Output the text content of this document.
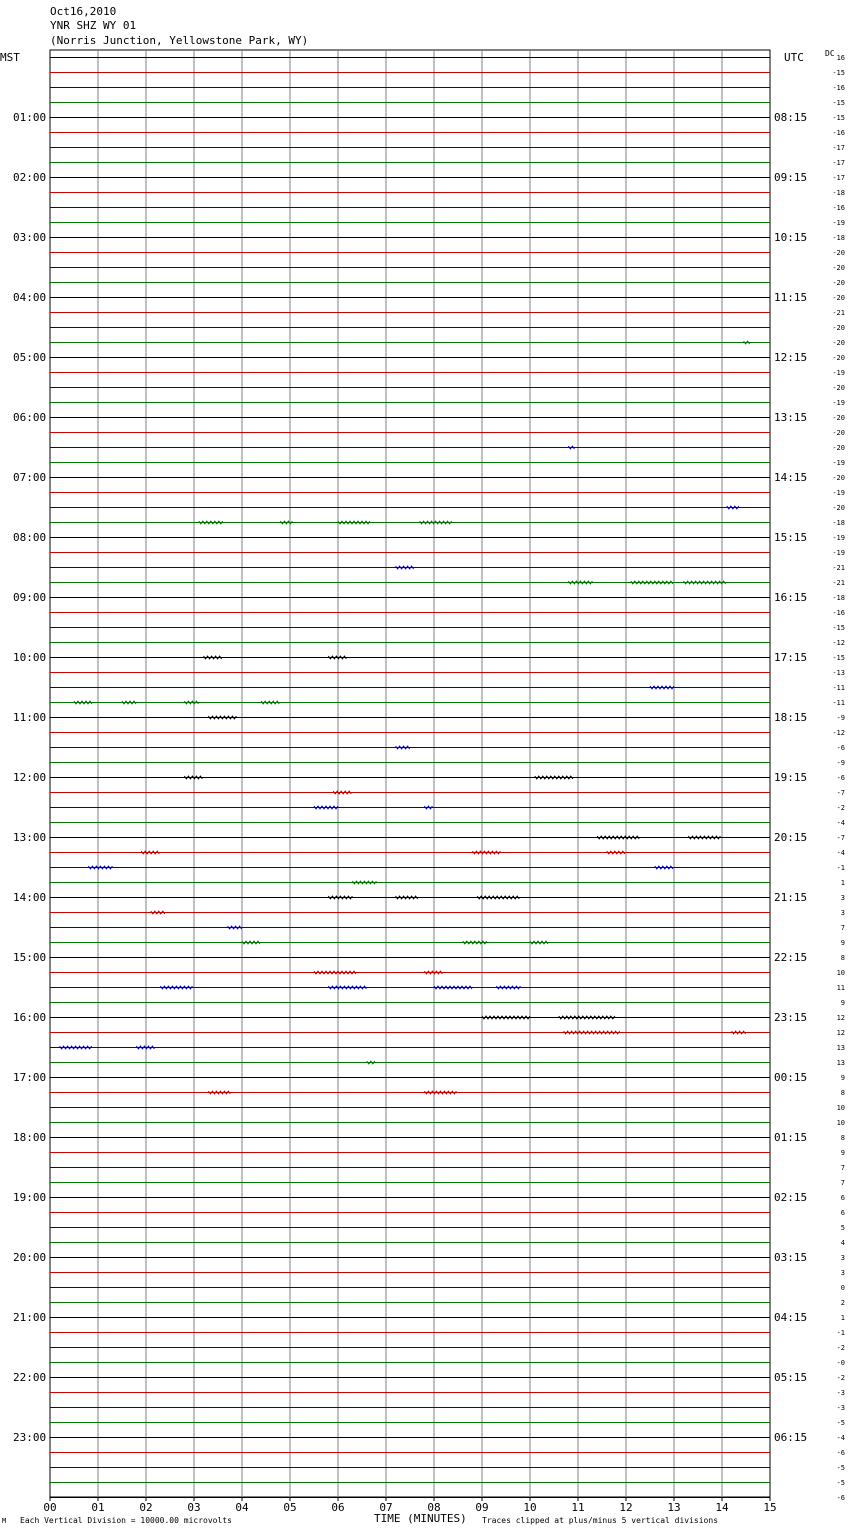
Oct16,2010
YNR SHZ WY 01
(Norris Junction, Yellowstone Park, WY)
MST	UTC	DC
00	01	02	03	04	05	06	07	08	09	10	11	12	13	14	15
01:00
02:00
03:00
04:00
05:00
06:00
07:00
08:00
09:00
10:00
11:00
12:00
13:00
14:00
15:00
16:00
17:00
18:00
19:00
20:00
21:00
22:00
23:00
08:15
09:15
10:15
11:15
12:15
13:15
14:15
15:15
16:15
17:15
18:15
19:15
20:15
21:15
22:15
23:15
00:15
01:15
02:15
03:15
04:15
05:15
06:15
16
-15
-16
-15
-15
-16
-17
-17
-17
-18
-16
-19
-18
-20
-20
-20
-20
-21
-20
-20
-20
-19
-20
-19
-20
-20
-20
-19
-20
-19
-20
-18
-19
-19
-21
-21
-18
-16
-15
-12
-15
-13
-11
-11
-9
-12
-6
-9
-6
-7
-2
-4
-7
-4
-1
1
3
3
7
9
8
10
11
9
12
12
13
13
9
8
10
10
8
9
7
7
6
6
5
4
3
3
0
2
1
-1
-2
-0
-2
-3
-3
-5
-4
-6
-5
-5
-6
M Each Vertical Division = 10000.00 microvolts	TIME (MINUTES) Traces clipped at plus/minus 5 vertical divisions
